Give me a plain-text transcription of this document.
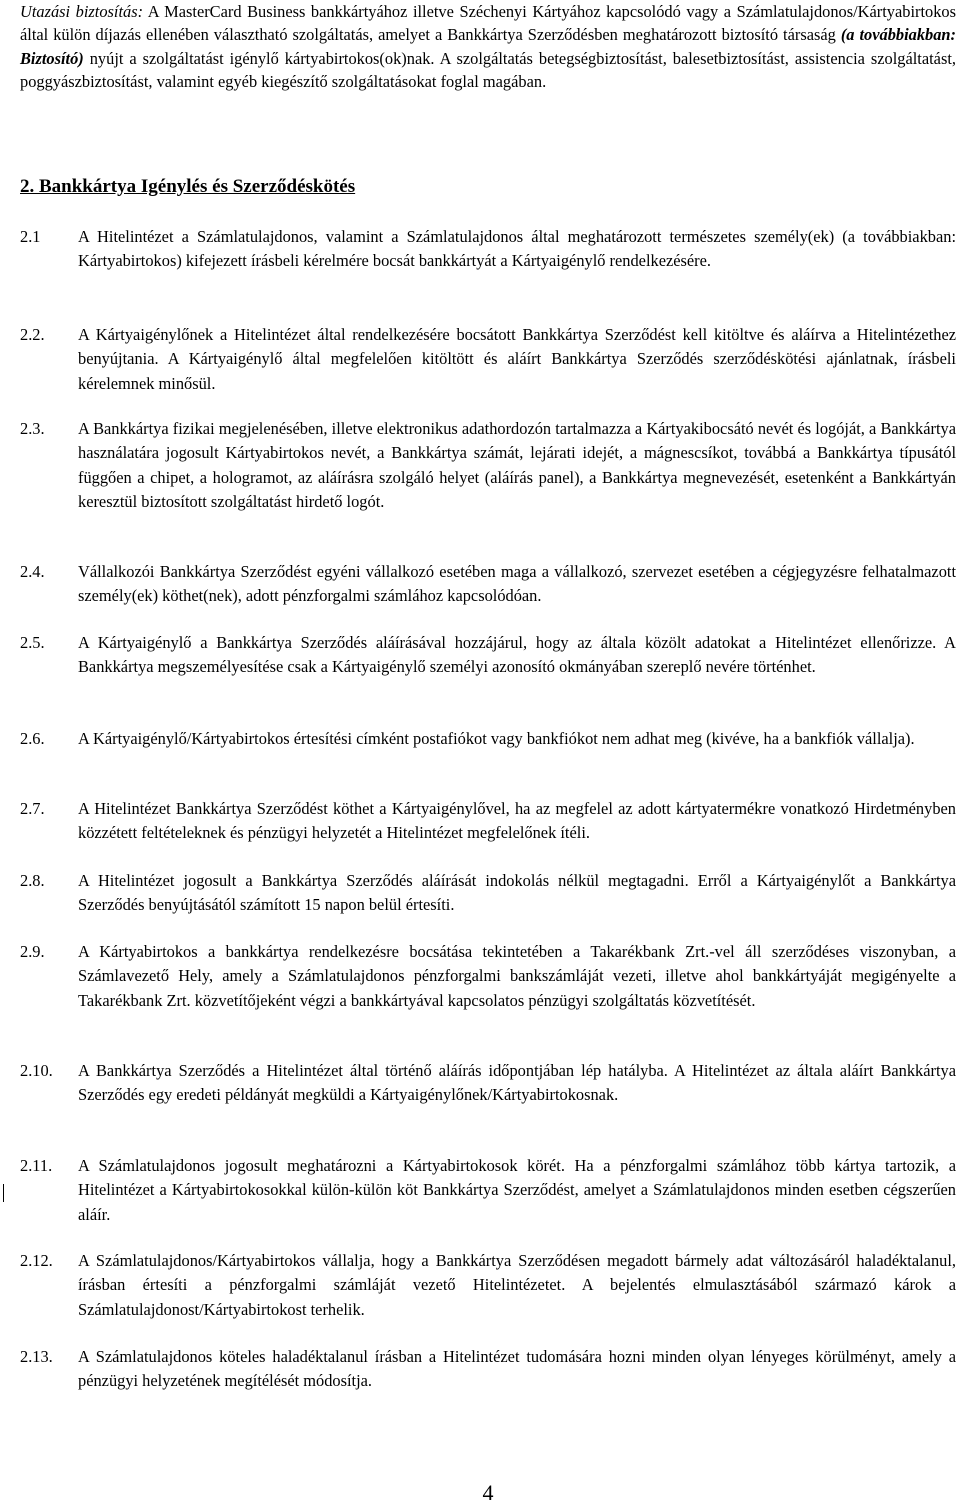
Utazási biztosítás: A MasterCard Business bankkártyához illetve Széchenyi Kártyához kapcsolódó vagy a Számlatulajdonos/Kártyabirtokos által külön díjazás ellenében választható szolgáltatás, amelyet a Bankkártya Szerződésben meghatározott biztosító társaság (a továbbiakban: Biztosító) nyújt a szolgáltatást igénylő kártyabirtokos(ok)nak. A szolgáltatás betegségbiztosítást, balesetbiztosítást, assistencia szolgáltatást, poggyászbiztosítást, valamint egyéb kiegészítő szolgáltatásokat foglal magában.

2. Bankkártya Igénylés és Szerződéskötés
2.1	A Hitelintézet a Számlatulajdonos, valamint a Számlatulajdonos által meghatározott természetes személy(ek) (a továbbiakban: Kártyabirtokos) kifejezett írásbeli kérelmére bocsát bankkártyát a Kártyaigénylő rendelkezésére.
2.2.	A Kártyaigénylőnek a Hitelintézet által rendelkezésére bocsátott Bankkártya Szerződést kell kitöltve és aláírva a Hitelintézethez benyújtania. A Kártyaigénylő által megfelelően kitöltött és aláírt Bankkártya Szerződés szerződéskötési ajánlatnak, írásbeli kérelemnek minősül.
2.3.	A Bankkártya fizikai megjelenésében, illetve elektronikus adathordozón tartalmazza a Kártyakibocsátó nevét és logóját, a Bankkártya használatára jogosult Kártyabirtokos nevét, a Bankkártya számát, lejárati idejét, a mágnescsíkot, továbbá a Bankkártya típusától függően a chipet, a hologramot, az aláírásra szolgáló helyet (aláírás panel), a Bankkártya megnevezését, esetenként a Bankkártyán keresztül biztosított szolgáltatást hirdető logót.
2.4.	Vállalkozói Bankkártya Szerződést egyéni vállalkozó esetében maga a vállalkozó, szervezet esetében a cégjegyzésre felhatalmazott személy(ek) köthet(nek), adott pénzforgalmi számlához kapcsolódóan.
2.5.	A Kártyaigénylő a Bankkártya Szerződés aláírásával hozzájárul, hogy az általa közölt adatokat a Hitelintézet ellenőrizze. A Bankkártya megszemélyesítése csak a Kártyaigénylő személyi azonosító okmányában szereplő nevére történhet.
2.6.	A Kártyaigénylő/Kártyabirtokos értesítési címként postafiókot vagy bankfiókot nem adhat meg (kivéve, ha a bankfiók vállalja).
2.7.	A Hitelintézet Bankkártya Szerződést köthet a Kártyaigénylővel, ha az megfelel az adott kártyatermékre vonatkozó Hirdetményben közzétett feltételeknek és pénzügyi helyzetét a Hitelintézet megfelelőnek ítéli.
2.8.	A Hitelintézet jogosult a Bankkártya Szerződés aláírását indokolás nélkül megtagadni. Erről a Kártyaigénylőt a Bankkártya Szerződés benyújtásától számított 15 napon belül értesíti.
2.9.	A Kártyabirtokos a bankkártya rendelkezésre bocsátása tekintetében a Takarékbank Zrt.-vel áll szerződéses viszonyban, a Számlavezető Hely, amely a Számlatulajdonos pénzforgalmi bankszámláját vezeti, illetve ahol bankkártyáját megigényelte a Takarékbank Zrt. közvetítőjeként végzi a bankkártyával kapcsolatos pénzügyi szolgáltatás közvetítését.
2.10.	A Bankkártya Szerződés a Hitelintézet által történő aláírás időpontjában lép hatályba. A Hitelintézet az általa aláírt Bankkártya Szerződés egy eredeti példányát megküldi a Kártyaigénylőnek/Kártyabirtokosnak.
2.11.	A Számlatulajdonos jogosult meghatározni a Kártyabirtokosok körét. Ha a pénzforgalmi számlához több kártya tartozik, a Hitelintézet a Kártyabirtokosokkal külön-külön köt Bankkártya Szerződést, amelyet a Számlatulajdonos minden esetben cégszerűen aláír.
2.12.	A Számlatulajdonos/Kártyabirtokos vállalja, hogy a Bankkártya Szerződésen megadott bármely adat változásáról haladéktalanul, írásban értesíti a pénzforgalmi számláját vezető Hitelintézetet. A bejelentés elmulasztásából származó károk a Számlatulajdonost/Kártyabirtokost terhelik.
2.13.	A Számlatulajdonos köteles haladéktalanul írásban a Hitelintézet tudomására hozni minden olyan lényeges körülményt, amely a pénzügyi helyzetének megítélését módosítja.
4
